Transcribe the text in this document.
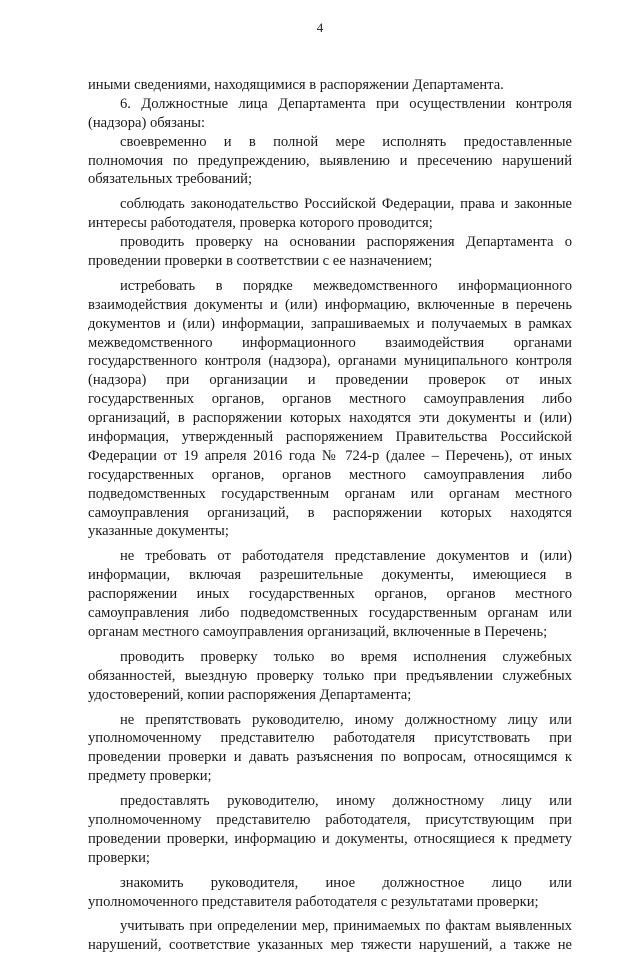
4
иными сведениями, находящимися в распоряжении Департамента.
6. Должностные лица Департамента при осуществлении контроля
(надзора) обязаны:
своевременно и в полной мере исполнять предоставленные
полномочия по предупреждению, выявлению и пресечению нарушений
обязательных требований;
соблюдать законодательство Российской Федерации, права и законные
интересы работодателя, проверка которого проводится;
проводить проверку на основании распоряжения Департамента о
проведении проверки в соответствии с ее назначением;
истребовать в порядке межведомственного информационного
взаимодействия документы и (или) информацию, включенные в перечень
документов и (или) информации, запрашиваемых и получаемых в рамках
межведомственного информационного взаимодействия органами
государственного контроля (надзора), органами муниципального контроля
(надзора) при организации и проведении проверок от иных
государственных органов, органов местного самоуправления либо
организаций, в распоряжении которых находятся эти документы и (или)
информация, утвержденный распоряжением Правительства Российской
Федерации от 19 апреля 2016 года № 724-р (далее – Перечень), от иных
государственных органов, органов местного самоуправления либо
подведомственных государственным органам или органам местного
самоуправления организаций, в распоряжении которых находятся
указанные документы;
не требовать от работодателя представление документов и (или)
информации, включая разрешительные документы, имеющиеся в
распоряжении иных государственных органов, органов местного
самоуправления либо подведомственных государственным органам или
органам местного самоуправления организаций, включенные в Перечень;
проводить проверку только во время исполнения служебных
обязанностей, выездную проверку только при предъявлении служебных
удостоверений, копии распоряжения Департамента;
не препятствовать руководителю, иному должностному лицу или
уполномоченному представителю работодателя присутствовать при
проведении проверки и давать разъяснения по вопросам, относящимся к
предмету проверки;
предоставлять руководителю, иному должностному лицу или
уполномоченному представителю работодателя, присутствующим при
проведении проверки, информацию и документы, относящиеся к предмету
проверки;
знакомить руководителя, иное должностное лицо или
уполномоченного представителя работодателя с результатами проверки;
учитывать при определении мер, принимаемых по фактам выявленных
нарушений, соответствие указанных мер тяжести нарушений, а также не
